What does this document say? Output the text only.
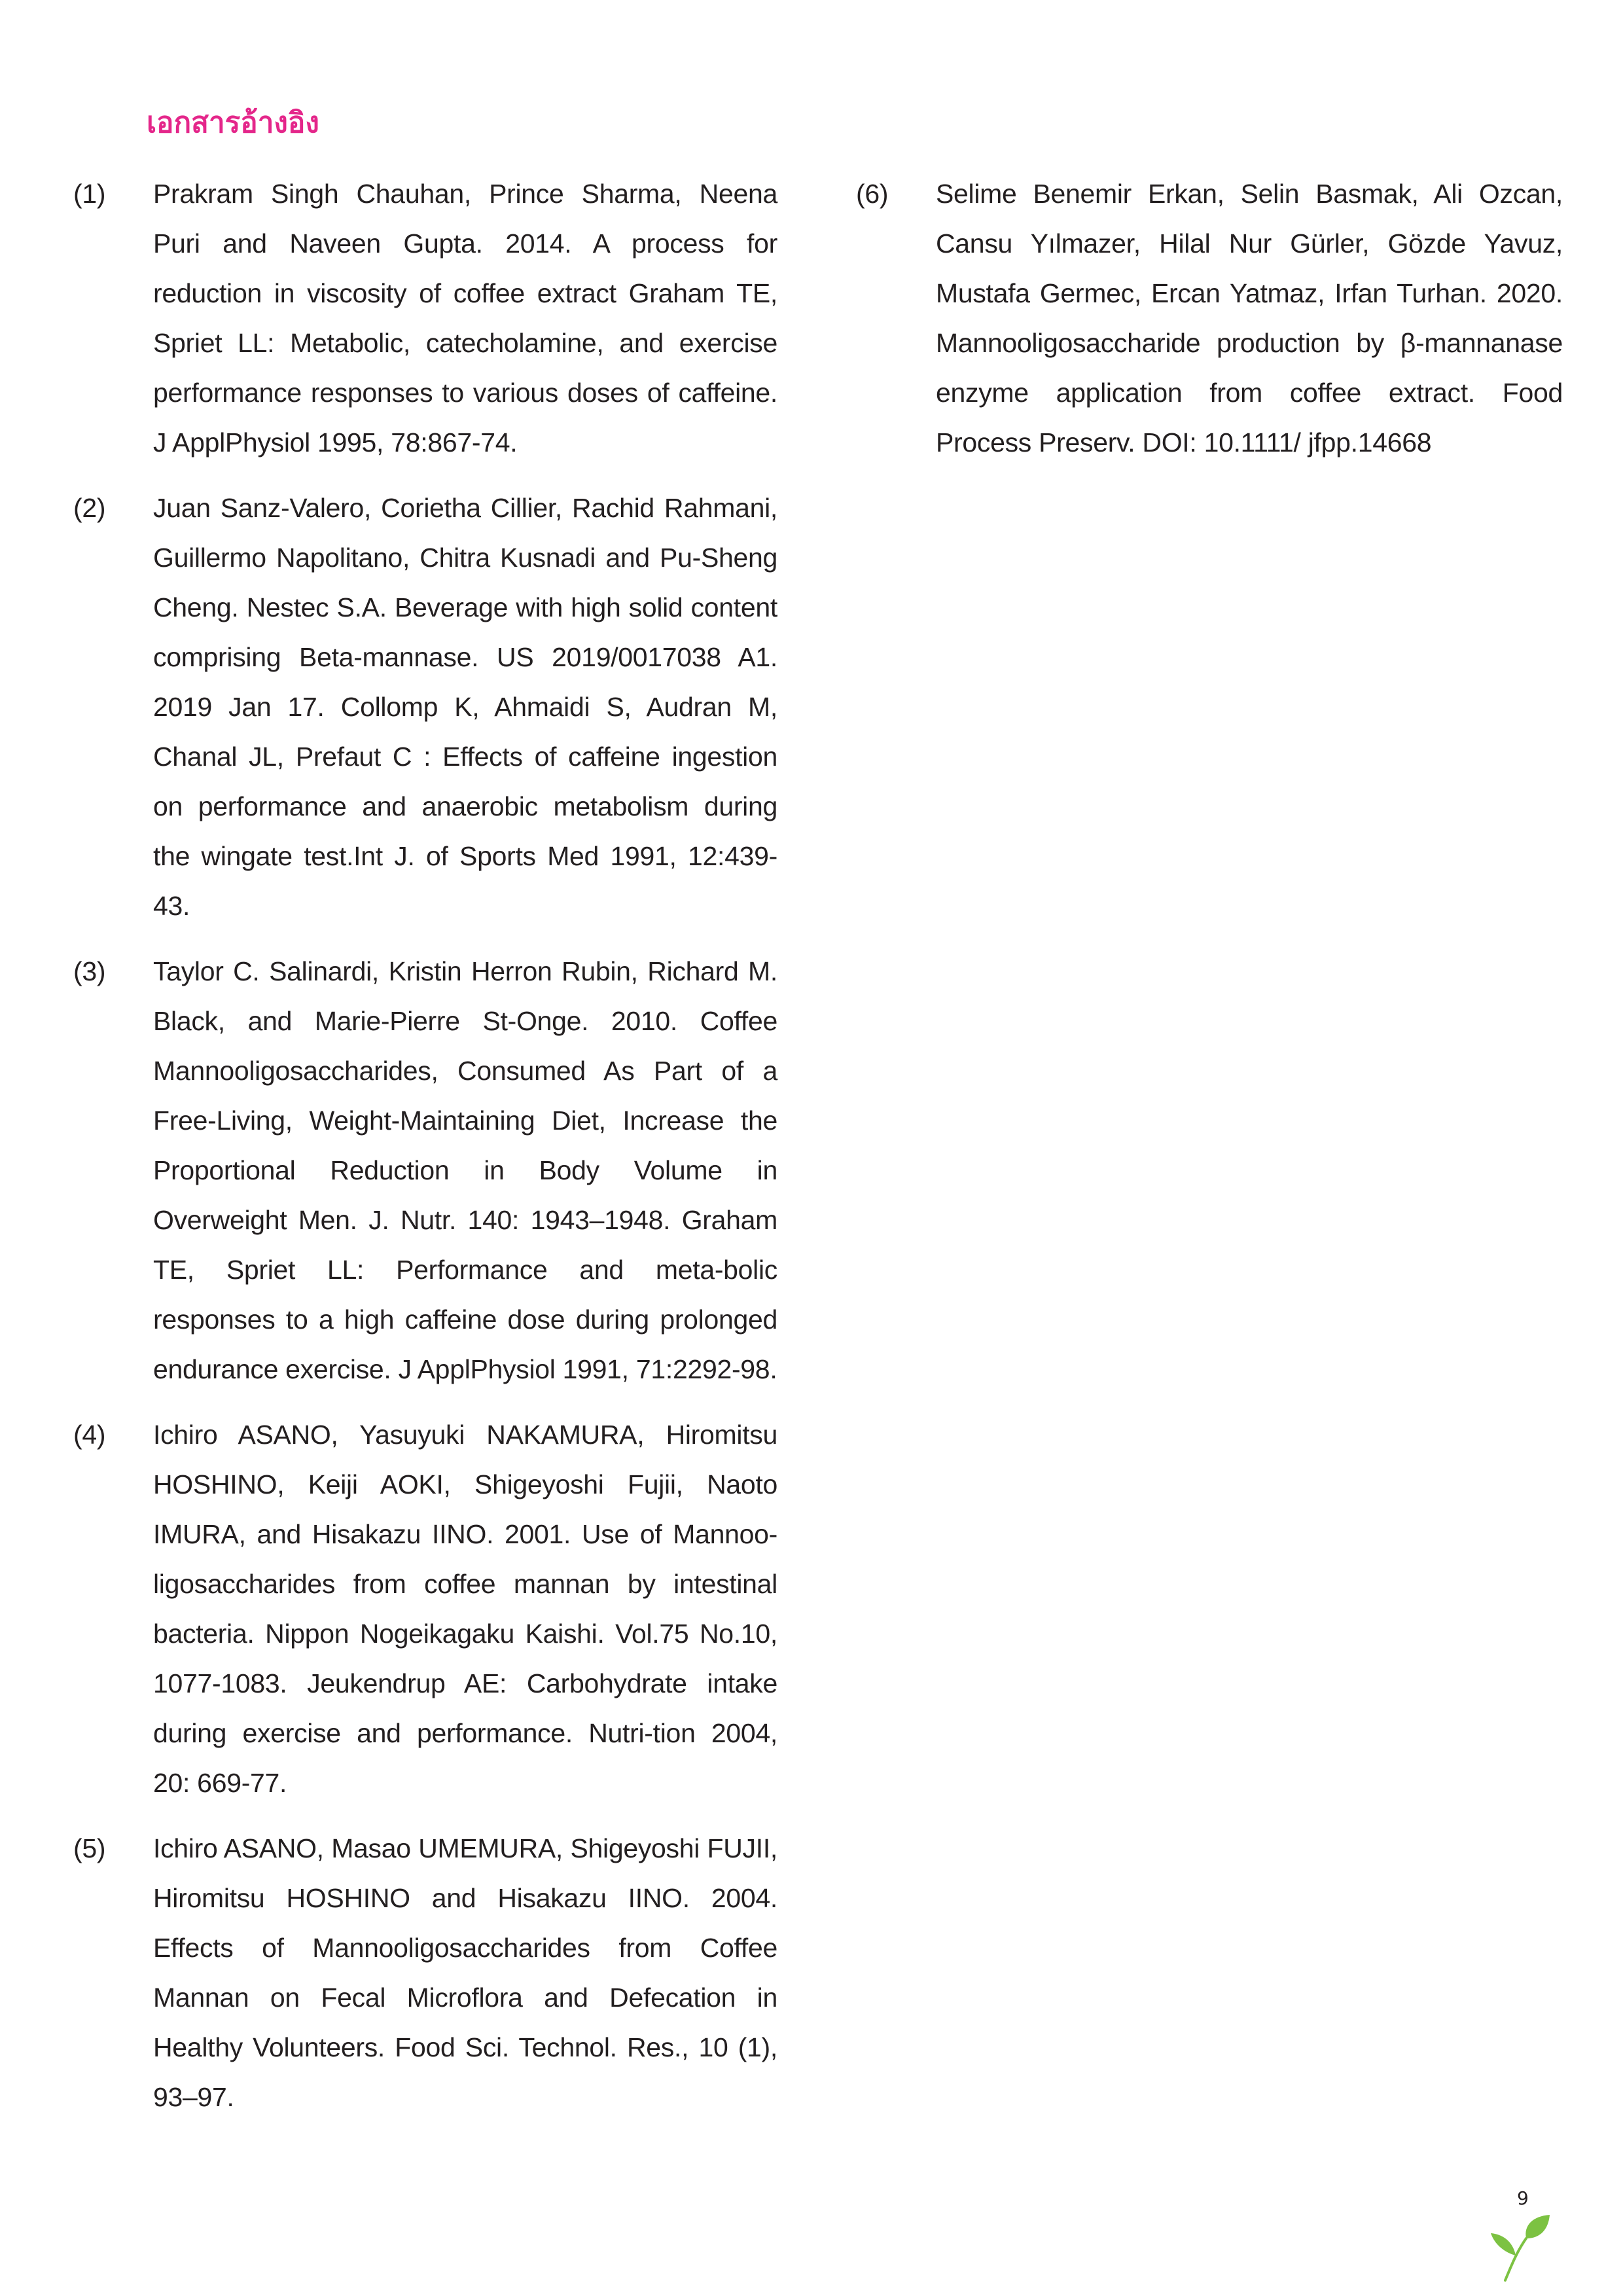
เอกสารอ้างอิง
(1)	Prakram Singh Chauhan, Prince Sharma, Neena Puri and Naveen Gupta. 2014. A process for reduction in viscosity of coffee extract Graham TE, Spriet LL: Metabolic, catecholamine, and exercise performance responses to various doses of caffeine. J ApplPhysiol 1995, 78:867-74.
(2)	Juan Sanz-Valero, Corietha Cillier, Rachid Rahmani, Guillermo Napolitano, Chitra Kusnadi and Pu-Sheng Cheng. Nestec S.A. Beverage with high solid content comprising Beta-mannase. US 2019/0017038 A1. 2019 Jan 17. Collomp K, Ahmaidi S, Audran M, Chanal JL, Prefaut C : Effects of caffeine ingestion on performance and anaerobic metabolism during the wingate test.Int J. of Sports Med 1991, 12:439-43.
(3)	Taylor C. Salinardi, Kristin Herron Rubin, Richard M. Black, and Marie-Pierre St-Onge. 2010. Coffee Mannooligosaccharides, Consumed As Part of a Free-Living, Weight-Maintaining Diet, Increase the Proportional Reduction in Body Volume in Overweight Men. J. Nutr. 140: 1943–1948. Graham TE, Spriet LL: Performance and meta-bolic responses to a high caffeine dose during prolonged endurance exercise. J ApplPhysiol 1991, 71:2292-98.
(4)	Ichiro ASANO, Yasuyuki NAKAMURA, Hiromitsu HOSHINO, Keiji AOKI, Shigeyoshi Fujii, Naoto IMURA, and Hisakazu IINO. 2001. Use of Mannoo-ligosaccharides from coffee mannan by intestinal bacteria. Nippon Nogeikagaku Kaishi. Vol.75 No.10, 1077-1083. Jeukendrup AE: Carbohydrate intake during exercise and performance. Nutri-tion 2004, 20: 669-77.
(5)	Ichiro ASANO, Masao UMEMURA, Shigeyoshi FUJII, Hiromitsu HOSHINO and Hisakazu IINO. 2004. Effects of Mannooligosaccharides from Coffee Mannan on Fecal Microflora and Defecation in Healthy Volunteers. Food Sci. Technol. Res., 10 (1), 93–97.
(6)	Selime Benemir Erkan, Selin Basmak, Ali Ozcan, Cansu Yılmazer, Hilal Nur Gürler, Gözde Yavuz, Mustafa Germec, Ercan Yatmaz, Irfan Turhan. 2020. Mannooligosaccharide production by β-mannanase enzyme application from coffee extract. Food Process Preserv. DOI: 10.1111/ jfpp.14668
9
